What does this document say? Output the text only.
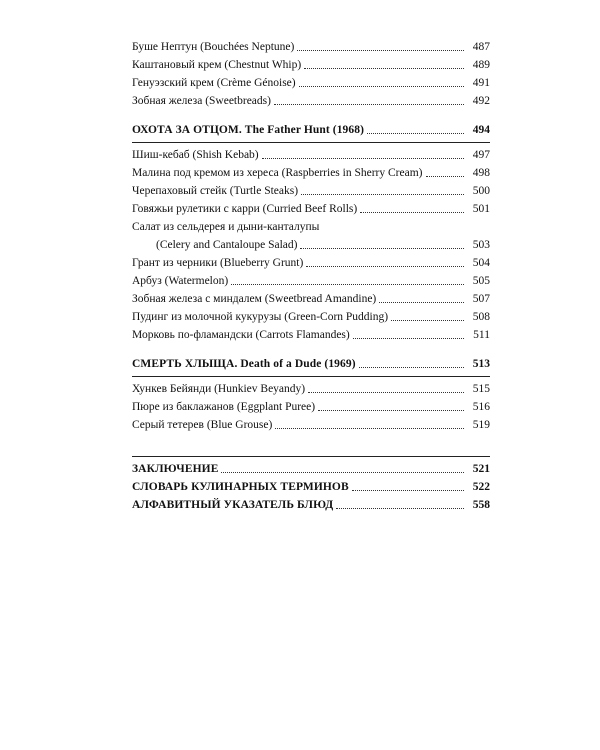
Буше Нептун (Bouchées Neptune)	487
Каштановый крем (Chestnut Whip)	489
Генуэзский крем (Crème Génoise)	491
Зобная железа (Sweetbreads)	492
ОХОТА ЗА ОТЦОМ. The Father Hunt (1968)	494
Шиш-кебаб (Shish Kebab)	497
Малина под кремом из хереса (Raspberries in Sherry Cream)	498
Черепаховый стейк (Turtle Steaks)	500
Говяжьи рулетики с карри (Curried Beef Rolls)	501
Салат из сельдерея и дыни-канталупы
(Celery and Cantaloupe Salad)	503
Грант из черники (Blueberry Grunt)	504
Арбуз (Watermelon)	505
Зобная железа с миндалем (Sweetbread Amandine)	507
Пудинг из молочной кукурузы (Green-Corn Pudding)	508
Морковь по-фламандски (Carrots Flamandes)	511
СМЕРТЬ ХЛЫЩА. Death of a Dude (1969)	513
Хункев Бейянди (Hunkiev Beyandy)	515
Пюре из баклажанов (Eggplant Puree)	516
Серый тетерев (Blue Grouse)	519
ЗАКЛЮЧЕНИЕ	521
СЛОВАРЬ КУЛИНАРНЫХ ТЕРМИНОВ	522
АЛФАВИТНЫЙ УКАЗАТЕЛЬ БЛЮД	558
